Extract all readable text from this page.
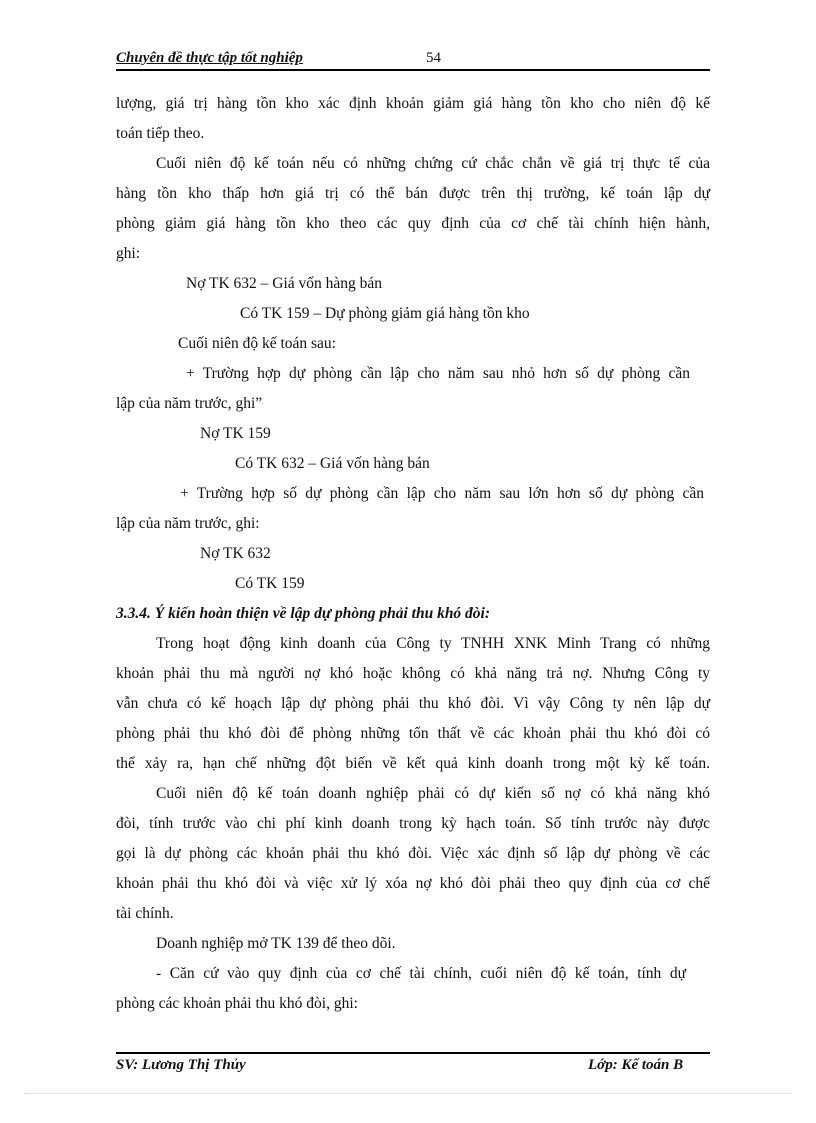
Chuyên đề thực tập tốt nghiệp	54
lượng, giá trị hàng tồn kho xác định khoản giảm giá hàng tồn kho cho niên độ kế
toán tiếp theo.
Cuối niên độ kế toán nếu có những chứng cứ chắc chắn về giá trị thực tế của
hàng tồn kho thấp hơn giá trị có thể bán được trên thị trường, kế toán lập dự
phòng giảm giá hàng tồn kho theo các quy định của cơ chế tài chính hiện hành,
ghi:
Nợ TK 632 – Giá vốn hàng bán
Có TK 159 – Dự phòng giảm giá hàng tồn kho
Cuối niên độ kế toán sau:
+ Trường hợp dự phòng cần lập cho năm sau nhỏ hơn số dự phòng cần
lập của năm trước, ghi”
Nợ TK 159
Có TK 632 – Giá vốn hàng bán
+ Trường hợp số dự phòng cần lập cho năm sau lớn hơn số dự phòng cần
lập của năm trước, ghi:
Nợ TK 632
Có TK 159
3.3.4. Ý kiến hoàn thiện về lập dự phòng phải thu khó đòi:
Trong hoạt động kinh doanh của Công ty TNHH XNK Minh Trang có những
khoản phải thu mà người nợ khó hoặc không có khả năng trả nợ. Nhưng Công ty
vẫn chưa có kế hoạch lập dự phòng phải thu khó đòi. Vì vậy Công ty nên lập dự
phòng phải thu khó đòi để phòng những tổn thất về các khoản phải thu khó đòi có
thể xảy ra, hạn chế những đột biến về kết quả kinh doanh trong một kỳ kế toán.
Cuối niên độ kế toán doanh nghiệp phải có dự kiến số nợ có khả năng khó
đòi, tính trước vào chi phí kinh doanh trong kỳ hạch toán. Số tính trước này được
gọi là dự phòng các khoản phải thu khó đòi. Việc xác định số lập dự phòng về các
khoản phải thu khó đòi và việc xử lý xóa nợ khó đòi phải theo quy định của cơ chế
tài chính.
Doanh nghiệp mở TK 139 để theo dõi.
- Căn cứ vào quy định của cơ chế tài chính, cuối niên độ kế toán, tính dự
phòng các khoản phải thu khó đòi, ghi:
SV: Lương Thị Thủy	Lớp: Kế toán B
